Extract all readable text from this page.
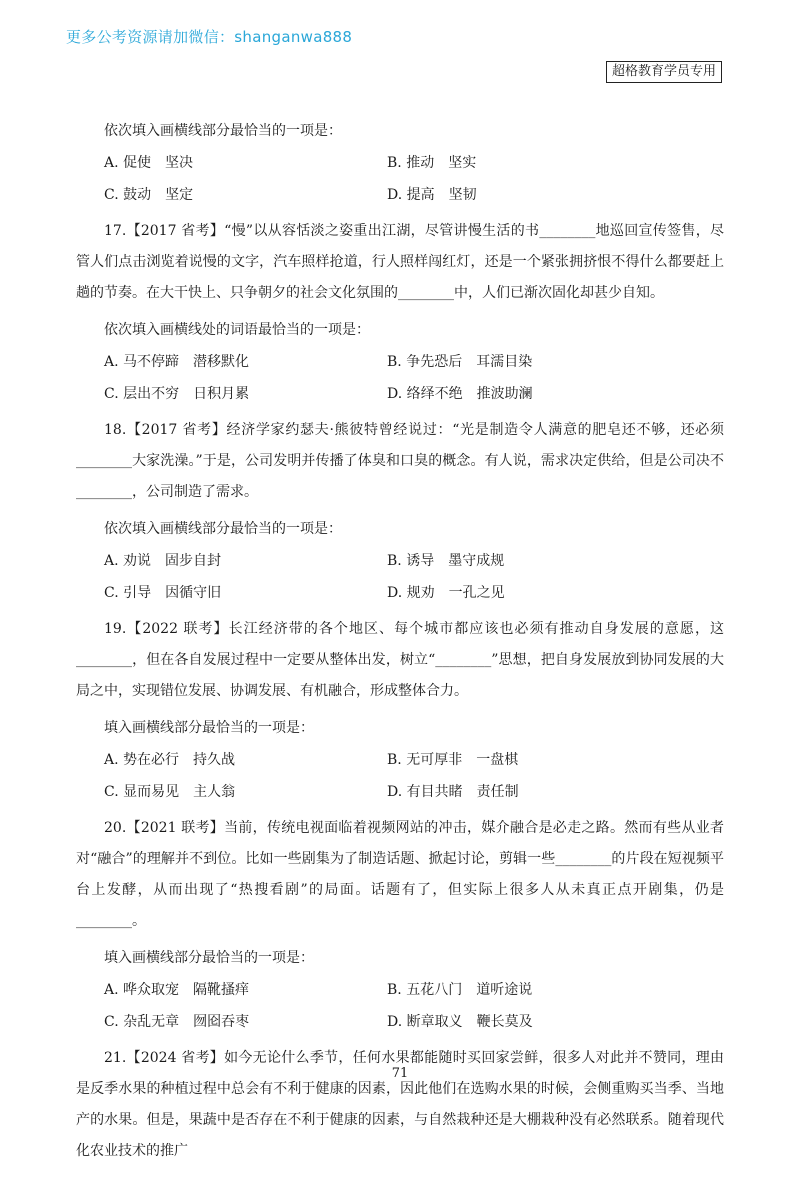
更多公考资源请加微信：shanganwa888
超格教育学员专用

依次填入画横线部分最恰当的一项是：

A. 促使　坚决	B. 推动　坚实
C. 鼓动　坚定	D. 提高　坚韧

17.【2017 省考】“慢”以从容恬淡之姿重出江湖，尽管讲慢生活的书________地巡回宣传签售，尽管人们点击浏览着说慢的文字，汽车照样抢道，行人照样闯红灯，还是一个紧张拥挤恨不得什么都要赶上趟的节奏。在大干快上、只争朝夕的社会文化氛围的________中，人们已渐次固化却甚少自知。

依次填入画横线处的词语最恰当的一项是：

A. 马不停蹄　潜移默化	B. 争先恐后　耳濡目染
C. 层出不穷　日积月累	D. 络绎不绝　推波助澜

18.【2017 省考】经济学家约瑟夫·熊彼特曾经说过：“光是制造令人满意的肥皂还不够，还必须________大家洗澡。”于是，公司发明并传播了体臭和口臭的概念。有人说，需求决定供给，但是公司决不________，公司制造了需求。

依次填入画横线部分最恰当的一项是：

A. 劝说　固步自封	B. 诱导　墨守成规
C. 引导　因循守旧	D. 规劝　一孔之见

19.【2022 联考】长江经济带的各个地区、每个城市都应该也必须有推动自身发展的意愿，这________，但在各自发展过程中一定要从整体出发，树立“________”思想，把自身发展放到协同发展的大局之中，实现错位发展、协调发展、有机融合，形成整体合力。

填入画横线部分最恰当的一项是：

A. 势在必行　持久战	B. 无可厚非　一盘棋
C. 显而易见　主人翁	D. 有目共睹　责任制

20.【2021 联考】当前，传统电视面临着视频网站的冲击，媒介融合是必走之路。然而有些从业者对“融合”的理解并不到位。比如一些剧集为了制造话题、掀起讨论，剪辑一些________的片段在短视频平台上发酵，从而出现了“热搜看剧”的局面。话题有了，但实际上很多人从未真正点开剧集，仍是________。

填入画横线部分最恰当的一项是：

A. 哗众取宠　隔靴搔痒	B. 五花八门　道听途说
C. 杂乱无章　囫囵吞枣	D. 断章取义　鞭长莫及

21.【2024 省考】如今无论什么季节，任何水果都能随时买回家尝鲜，很多人对此并不赞同，理由是反季水果的种植过程中总会有不利于健康的因素，因此他们在选购水果的时候，会侧重购买当季、当地产的水果。但是，果蔬中是否存在不利于健康的因素，与自然栽种还是大棚栽种没有必然联系。随着现代化农业技术的推广

71
